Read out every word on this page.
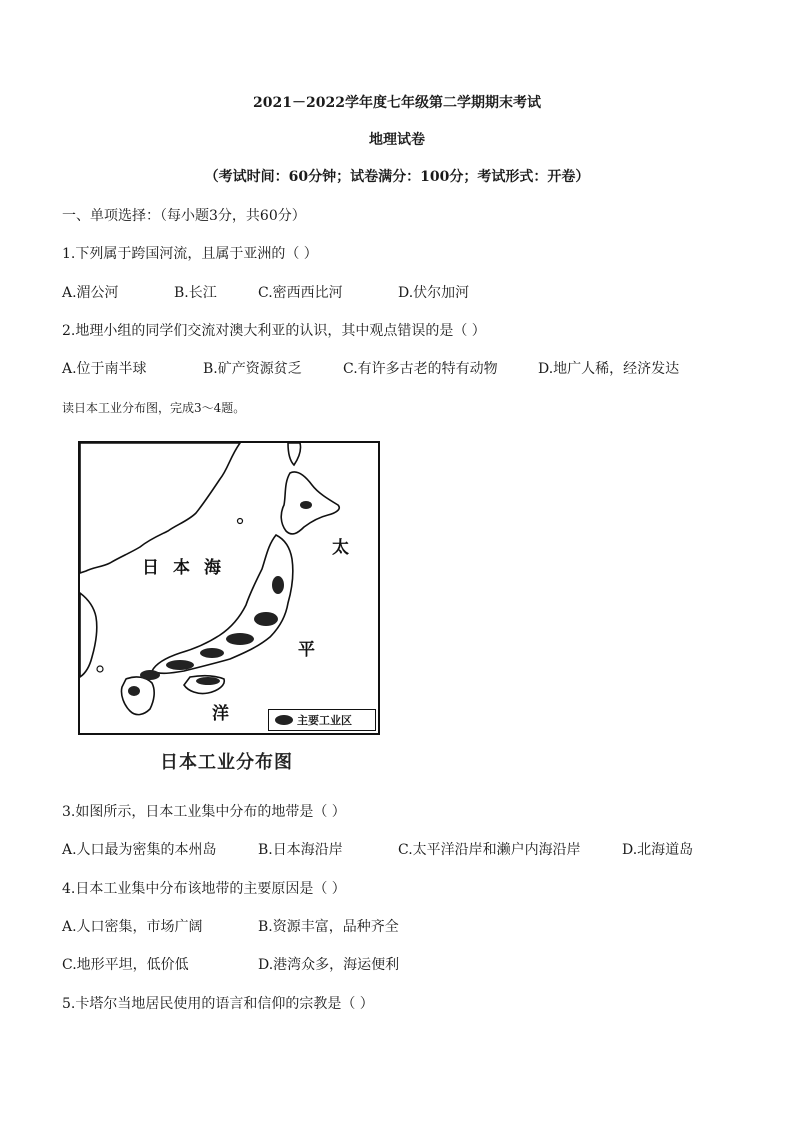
2021－2022学年度七年级第二学期期末考试
地理试卷
（考试时间：60分钟；试卷满分：100分；考试形式：开卷）
一、单项选择：（每小题3分，共60分）
1.下列属于跨国河流，且属于亚洲的（ ）
A.湄公河	B.长江	C.密西西比河	D.伏尔加河
2.地理小组的同学们交流对澳大利亚的认识，其中观点错误的是（ ）
A.位于南半球	B.矿产资源贫乏	C.有许多古老的特有动物	D.地广人稀，经济发达
读日本工业分布图，完成3～4题。
日本海
太
平
洋	主要工业区
日本工业分布图
3.如图所示，日本工业集中分布的地带是（ ）
A.人口最为密集的本州岛	B.日本海沿岸	C.太平洋沿岸和濑户内海沿岸	D.北海道岛
4.日本工业集中分布该地带的主要原因是（ ）
A.人口密集，市场广阔	B.资源丰富，品种齐全
C.地形平坦，低价低	D.港湾众多，海运便利
5.卡塔尔当地居民使用的语言和信仰的宗教是（ ）
